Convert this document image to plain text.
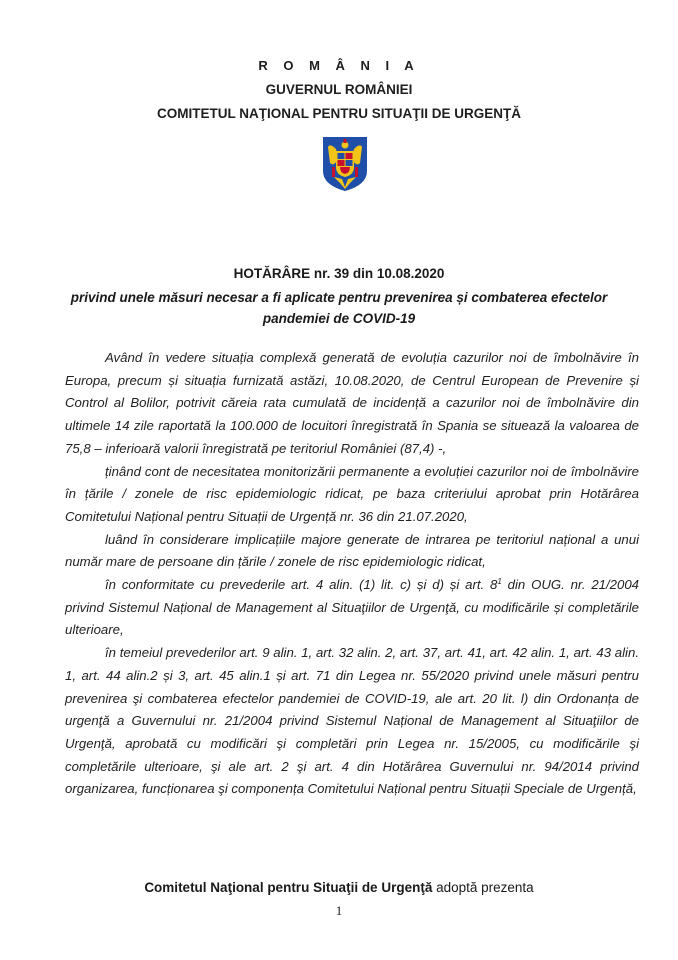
R O M Â N I A
GUVERNUL ROMÂNIEI
COMITETUL NAŢIONAL PENTRU SITUAŢII DE URGENŢĂ
HOTĂRÂRE nr. 39 din 10.08.2020
privind unele măsuri necesar a fi aplicate pentru prevenirea și combaterea efectelor pandemiei de COVID-19

Având în vedere situația complexă generată de evoluția cazurilor noi de îmbolnăvire în Europa, precum și situația furnizată astăzi, 10.08.2020, de Centrul European de Prevenire și Control al Bolilor, potrivit căreia rata cumulată de incidență a cazurilor noi de îmbolnăvire din ultimele 14 zile raportată la 100.000 de locuitori înregistrată în Spania se situează la valoarea de 75,8 – inferioară valorii înregistrată pe teritoriul României (87,4) -,

ținând cont de necesitatea monitorizării permanente a evoluției cazurilor noi de îmbolnăvire în țările / zonele de risc epidemiologic ridicat, pe baza criteriului aprobat prin Hotărârea Comitetului Național pentru Situații de Urgență nr. 36 din 21.07.2020,

luând în considerare implicațiile majore generate de intrarea pe teritoriul național a unui număr mare de persoane din țările / zonele de risc epidemiologic ridicat,

în conformitate cu prevederile art. 4 alin. (1) lit. c) și d) și art. $8^1$ din OUG. nr. 21/2004 privind Sistemul Național de Management al Situaţiilor de Urgenţă, cu modificările și completările ulterioare,

în temeiul prevederilor art. 9 alin. 1, art. 32 alin. 2, art. 37, art. 41, art. 42 alin. 1, art. 43 alin. 1, art. 44 alin.2 și 3, art. 45 alin.1 și art. 71 din Legea nr. 55/2020 privind unele măsuri pentru prevenirea şi combaterea efectelor pandemiei de COVID-19, ale art. 20 lit. l) din Ordonanța de urgenţă a Guvernului nr. 21/2004 privind Sistemul Național de Management al Situaţiilor de Urgenţă, aprobată cu modificări şi completări prin Legea nr. 15/2005, cu modificările şi completările ulterioare, şi ale art. 2 şi art. 4 din Hotărârea Guvernului nr. 94/2014 privind organizarea, funcționarea şi componența Comitetului Național pentru Situații Speciale de Urgență,

Comitetul Naţional pentru Situaţii de Urgenţă adoptă prezenta
1
